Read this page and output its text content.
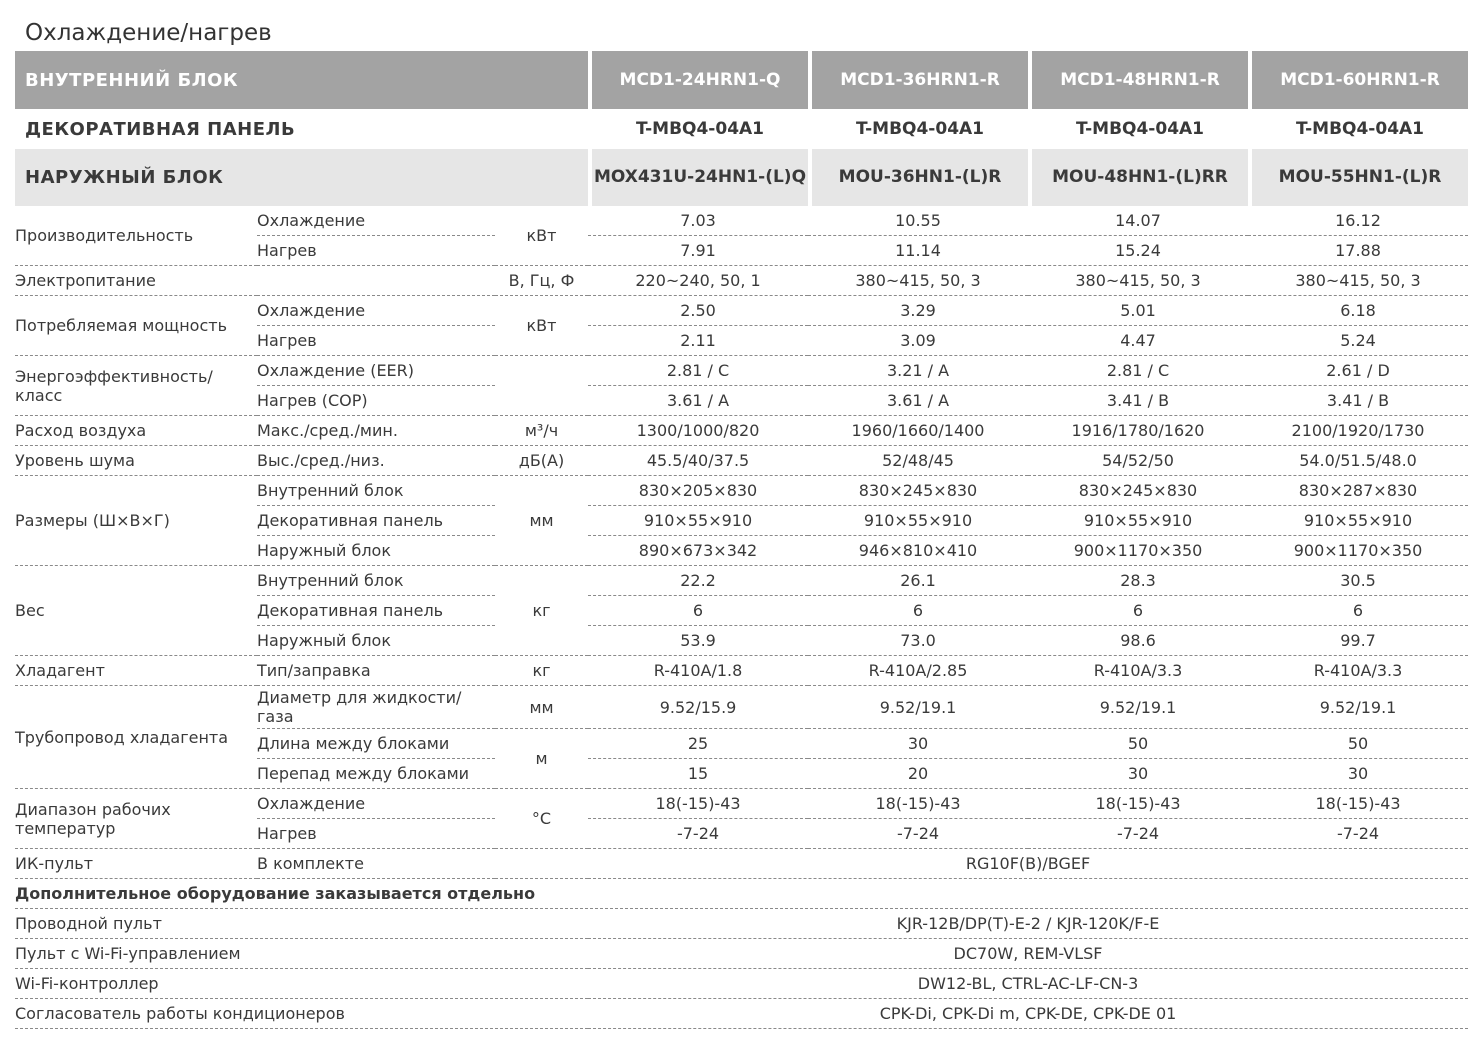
Охлаждение/нагрев
ВНУТРЕННИЙ БЛОК			MCD1-24HRN1-Q	MCD1-36HRN1-R	MCD1-48HRN1-R	MCD1-60HRN1-R
ДЕКОРАТИВНАЯ ПАНЕЛЬ			T-MBQ4-04A1	T-MBQ4-04A1	T-MBQ4-04A1	T-MBQ4-04A1
НАРУЖНЫЙ БЛОК			MOX431U-24HN1-(L)Q	MOU-36HN1-(L)R	MOU-48HN1-(L)RR	MOU-55HN1-(L)R
Производительность	Охлаждение	кВт	7.03	10.55	14.07	16.12
	Нагрев		7.91	11.14	15.24	17.88
Электропитание		В, Гц, Ф	220~240, 50, 1	380~415, 50, 3	380~415, 50, 3	380~415, 50, 3
Потребляемая мощность	Охлаждение	кВт	2.50	3.29	5.01	6.18
	Нагрев		2.11	3.09	4.47	5.24
Энергоэффективность/ класс	Охлаждение (EER)		2.81 / C	3.21 / A	2.81 / C	2.61 / D
	Нагрев (COP)		3.61 / A	3.61 / A	3.41 / B	3.41 / B
Расход воздуха	Макс./сред./мин.	м³/ч	1300/1000/820	1960/1660/1400	1916/1780/1620	2100/1920/1730
Уровень шума	Выс./сред./низ.	дБ(А)	45.5/40/37.5	52/48/45	54/52/50	54.0/51.5/48.0
Размеры (Ш×В×Г)	Внутренний блок	мм	830×205×830	830×245×830	830×245×830	830×287×830
	Декоративная панель		910×55×910	910×55×910	910×55×910	910×55×910
	Наружный блок		890×673×342	946×810×410	900×1170×350	900×1170×350
Вес	Внутренний блок	кг	22.2	26.1	28.3	30.5
	Декоративная панель		6	6	6	6
	Наружный блок		53.9	73.0	98.6	99.7
Хладагент	Тип/заправка	кг	R-410A/1.8	R-410A/2.85	R-410A/3.3	R-410A/3.3
Трубопровод хладагента	Диаметр для жидкости/ газа	мм	9.52/15.9	9.52/19.1	9.52/19.1	9.52/19.1
	Длина между блоками	м	25	30	50	50
	Перепад между блоками		15	20	30	30
Диапазон рабочих температур	Охлаждение	°C	18(-15)-43	18(-15)-43	18(-15)-43	18(-15)-43
	Нагрев		-7-24	-7-24	-7-24	-7-24
ИК-пульт	В комплекте		RG10F(B)/BGEF			
Дополнительное оборудование заказывается отдельно						
Проводной пульт			KJR-12B/DP(T)-E-2 / KJR-120K/F-E			
Пульт с Wi-Fi-управлением			DC70W, REM-VLSF			
Wi-Fi-контроллер			DW12-BL, CTRL-AC-LF-CN-3			
Согласователь работы кондиционеров			CPK-Di, CPK-Di m, CPK-DE, CPK-DE 01			
